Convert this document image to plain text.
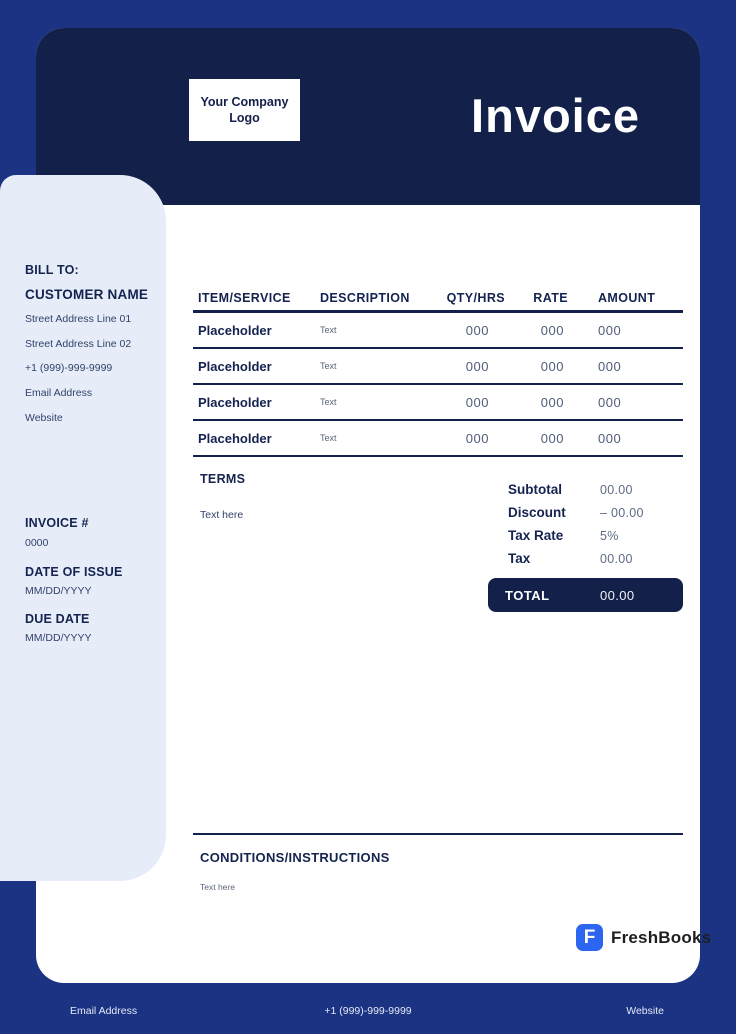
Your Company Logo	Invoice
ITEM/SERVICE	DESCRIPTION	QTY/HRS	RATE	AMOUNT
Placeholder	Text	000	000	000
Placeholder	Text	000	000	000
Placeholder	Text	000	000	000
Placeholder	Text	000	000	000
TERMS
Text here
Subtotal	00.00
Discount	– 00.00
Tax Rate	5%
Tax	00.00
TOTAL	00.00
CONDITIONS/INSTRUCTIONS
Text here
F FreshBooks
BILL TO:
CUSTOMER NAME
Street Address Line 01
Street Address Line 02
+1 (999)-999-9999
Email Address
Website
INVOICE #
0000
DATE OF ISSUE
MM/DD/YYYY
DUE DATE
MM/DD/YYYY
Email Address	+1 (999)-999-9999	Website
